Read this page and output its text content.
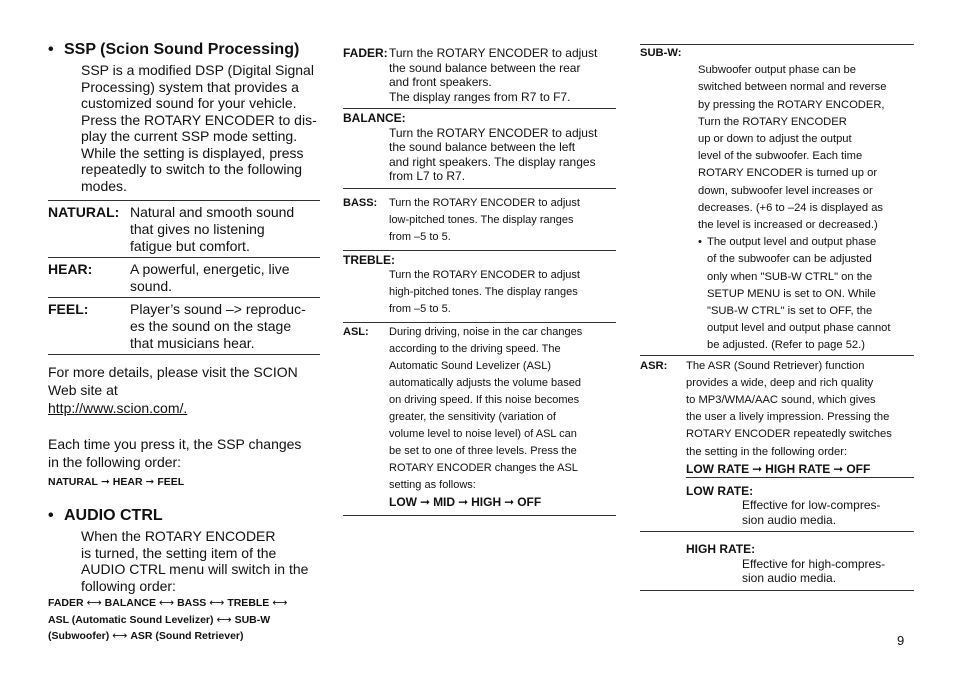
• SSP (Scion Sound Processing)
SSP is a modified DSP (Digital Signal
Processing) system that provides a
customized sound for your vehicle.
Press the ROTARY ENCODER to dis-
play the current SSP mode setting.
While the setting is displayed, press
repeatedly to switch to the following
modes.
NATURAL: Natural and smooth sound
that gives no listening
fatigue but comfort.
HEAR:	A powerful, energetic, live
sound.
FEEL:	Player’s sound –> reproduc-
es the sound on the stage
that musicians hear.
For more details, please visit the SCION
Web site at
http://www.scion.com/.
Each time you press it, the SSP changes
in the following order:
NATURAL ➞ HEAR ➞ FEEL
• AUDIO CTRL
When the ROTARY ENCODER
is turned, the setting item of the
AUDIO CTRL menu will switch in the
following order:
FADER ⟷ BALANCE ⟷ BASS ⟷ TREBLE ⟷
ASL (Automatic Sound Levelizer) ⟷ SUB-W
(Subwoofer) ⟷ ASR (Sound Retriever)
FADER: Turn the ROTARY ENCODER to adjust
the sound balance between the rear
and front speakers.
The display ranges from R7 to F7.
BALANCE:
Turn the ROTARY ENCODER to adjust
the sound balance between the left
and right speakers. The display ranges
from L7 to R7.
BASS:	Turn the ROTARY ENCODER to adjust
low-pitched tones. The display ranges
from –5 to 5.
TREBLE:
Turn the ROTARY ENCODER to adjust
high-pitched tones. The display ranges
from –5 to 5.
ASL:	During driving, noise in the car changes
according to the driving speed. The
Automatic Sound Levelizer (ASL)
automatically adjusts the volume based
on driving speed. If this noise becomes
greater, the sensitivity (variation of
volume level to noise level) of ASL can
be set to one of three levels. Press the
ROTARY ENCODER changes the ASL
setting as follows:
LOW ➞ MID ➞ HIGH ➞ OFF
SUB-W:
Subwoofer output phase can be
switched between normal and reverse
by pressing the ROTARY ENCODER,
Turn the ROTARY ENCODER
up or down to adjust the output
level of the subwoofer. Each time
ROTARY ENCODER is turned up or
down, subwoofer level increases or
decreases. (+6 to –24 is displayed as
the level is increased or decreased.)
• The output level and output phase
of the subwoofer can be adjusted
only when "SUB-W CTRL" on the
SETUP MENU is set to ON. While
"SUB-W CTRL" is set to OFF, the
output level and output phase cannot
be adjusted. (Refer to page 52.)
ASR:	The ASR (Sound Retriever) function
provides a wide, deep and rich quality
to MP3/WMA/AAC sound, which gives
the user a lively impression. Pressing the
ROTARY ENCODER repeatedly switches
the setting in the following order:
LOW RATE ➞ HIGH RATE ➞ OFF
LOW RATE:
Effective for low-compres-
sion audio media.
HIGH RATE:
Effective for high-compres-
sion audio media.
9
